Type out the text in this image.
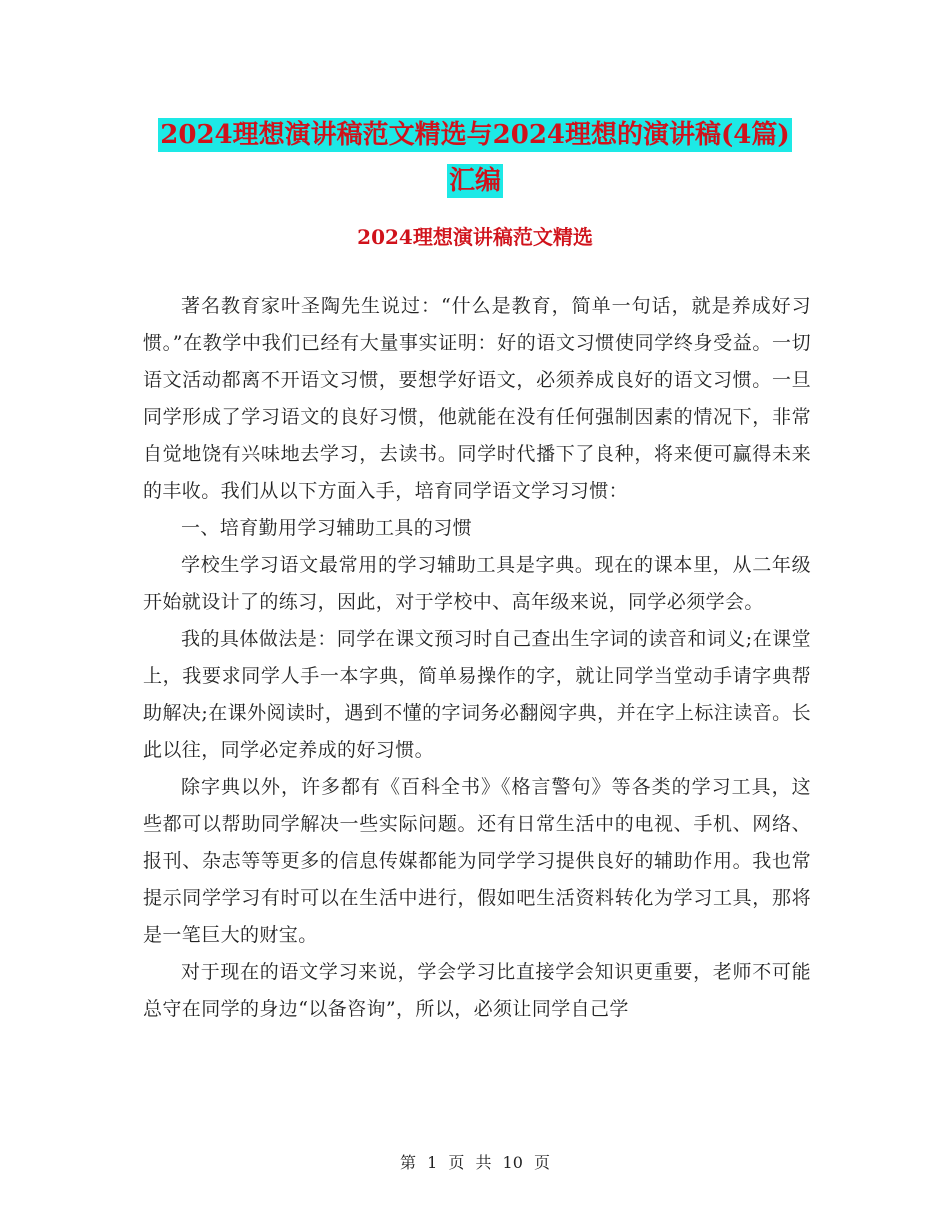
2024理想演讲稿范文精选与2024理想的演讲稿(4篇)
汇编
2024理想演讲稿范文精选

著名教育家叶圣陶先生说过：“什么是教育，简单一句话，就是养成好习惯。”在教学中我们已经有大量事实证明：好的语文习惯使同学终身受益。一切语文活动都离不开语文习惯，要想学好语文，必须养成良好的语文习惯。一旦同学形成了学习语文的良好习惯，他就能在没有任何强制因素的情况下，非常自觉地饶有兴味地去学习，去读书。同学时代播下了良种，将来便可赢得未来的丰收。我们从以下方面入手，培育同学语文学习习惯：

一、培育勤用学习辅助工具的习惯

学校生学习语文最常用的学习辅助工具是字典。现在的课本里，从二年级开始就设计了的练习，因此，对于学校中、高年级来说，同学必须学会。

我的具体做法是：同学在课文预习时自己查出生字词的读音和词义;在课堂上，我要求同学人手一本字典，简单易操作的字，就让同学当堂动手请字典帮助解决;在课外阅读时，遇到不懂的字词务必翻阅字典，并在字上标注读音。长此以往，同学必定养成的好习惯。

除字典以外，许多都有《百科全书》《格言警句》等各类的学习工具，这些都可以帮助同学解决一些实际问题。还有日常生活中的电视、手机、网络、报刊、杂志等等更多的信息传媒都能为同学学习提供良好的辅助作用。我也常提示同学学习有时可以在生活中进行，假如吧生活资料转化为学习工具，那将是一笔巨大的财宝。

对于现在的语文学习来说，学会学习比直接学会知识更重要，老师不可能总守在同学的身边“以备咨询”，所以，必须让同学自己学

第 1 页 共 10 页
